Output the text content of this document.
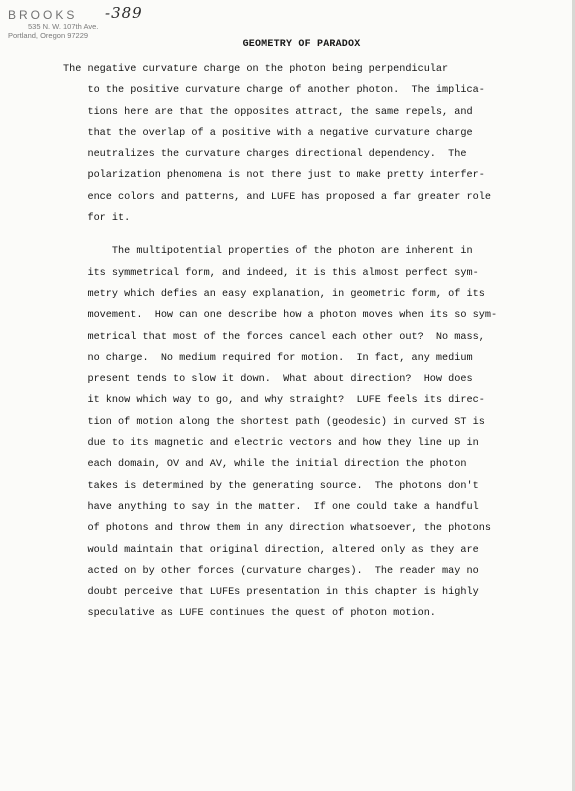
BROOKS
535 N. W. 107th Ave.
Portland, Oregon 97229
-389
GEOMETRY OF PARADOX
The negative curvature charge on the photon being perpendicular
to the positive curvature charge of another photon.  The implica-
tions here are that the opposites attract, the same repels, and
that the overlap of a positive with a negative curvature charge
neutralizes the curvature charges directional dependency.  The
polarization phenomena is not there just to make pretty interfer-
ence colors and patterns, and LUFE has proposed a far greater role
for it.
The multipotential properties of the photon are inherent in
its symmetrical form, and indeed, it is this almost perfect sym-
metry which defies an easy explanation, in geometric form, of its
movement.  How can one describe how a photon moves when its so sym-
metrical that most of the forces cancel each other out?  No mass,
no charge.  No medium required for motion.  In fact, any medium
present tends to slow it down.  What about direction?  How does
it know which way to go, and why straight?  LUFE feels its direc-
tion of motion along the shortest path (geodesic) in curved ST is
due to its magnetic and electric vectors and how they line up in
each domain, OV and AV, while the initial direction the photon
takes is determined by the generating source.  The photons don't
have anything to say in the matter.  If one could take a handful
of photons and throw them in any direction whatsoever, the photons
would maintain that original direction, altered only as they are
acted on by other forces (curvature charges).  The reader may no
doubt perceive that LUFEs presentation in this chapter is highly
speculative as LUFE continues the quest of photon motion.
